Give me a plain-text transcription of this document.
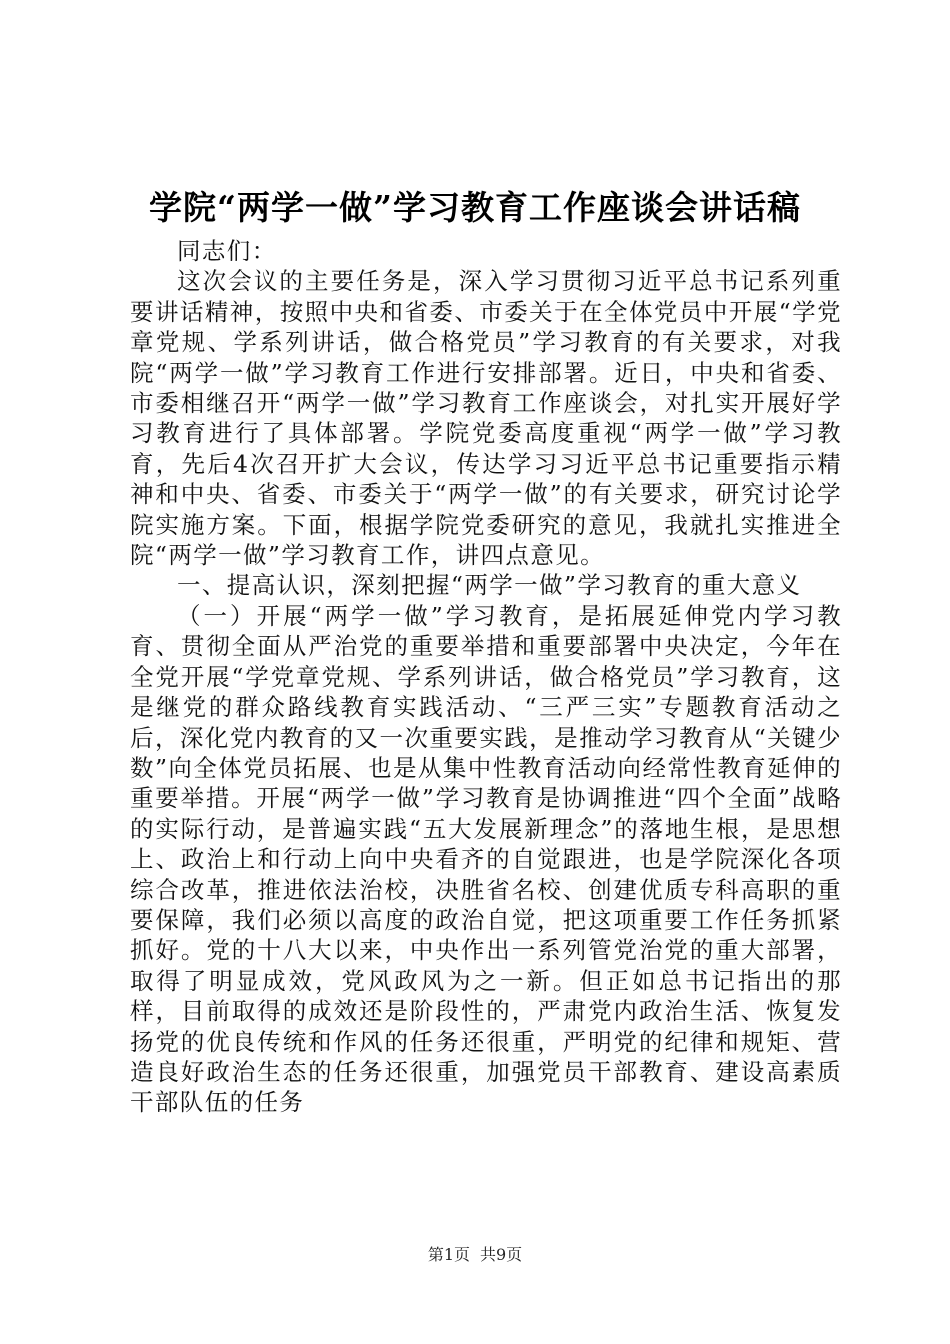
学院“两学一做”学习教育工作座谈会讲话稿

同志们：

这次会议的主要任务是，深入学习贯彻习近平总书记系列重要讲话精神，按照中央和省委、市委关于在全体党员中开展“学党章党规、学系列讲话，做合格党员”学习教育的有关要求，对我院“两学一做”学习教育工作进行安排部署。近日，中央和省委、市委相继召开“两学一做”学习教育工作座谈会，对扎实开展好学习教育进行了具体部署。学院党委高度重视“两学一做”学习教育，先后4次召开扩大会议，传达学习习近平总书记重要指示精神和中央、省委、市委关于“两学一做”的有关要求，研究讨论学院实施方案。下面，根据学院党委研究的意见，我就扎实推进全院“两学一做”学习教育工作，讲四点意见。

一、提高认识，深刻把握“两学一做”学习教育的重大意义

（一）开展“两学一做”学习教育，是拓展延伸党内学习教育、贯彻全面从严治党的重要举措和重要部署中央决定，今年在全党开展“学党章党规、学系列讲话，做合格党员”学习教育，这是继党的群众路线教育实践活动、“三严三实”专题教育活动之后，深化党内教育的又一次重要实践，是推动学习教育从“关键少数”向全体党员拓展、也是从集中性教育活动向经常性教育延伸的重要举措。开展“两学一做”学习教育是协调推进“四个全面”战略的实际行动，是普遍实践“五大发展新理念”的落地生根，是思想上、政治上和行动上向中央看齐的自觉跟进，也是学院深化各项综合改革，推进依法治校，决胜省名校、创建优质专科高职的重要保障，我们必须以高度的政治自觉，把这项重要工作任务抓紧抓好。党的十八大以来，中央作出一系列管党治党的重大部署，取得了明显成效，党风政风为之一新。但正如总书记指出的那样，目前取得的成效还是阶段性的，严肃党内政治生活、恢复发扬党的优良传统和作风的任务还很重，严明党的纪律和规矩、营造良好政治生态的任务还很重，加强党员干部教育、建设高素质干部队伍的任务

第1页 共9页
